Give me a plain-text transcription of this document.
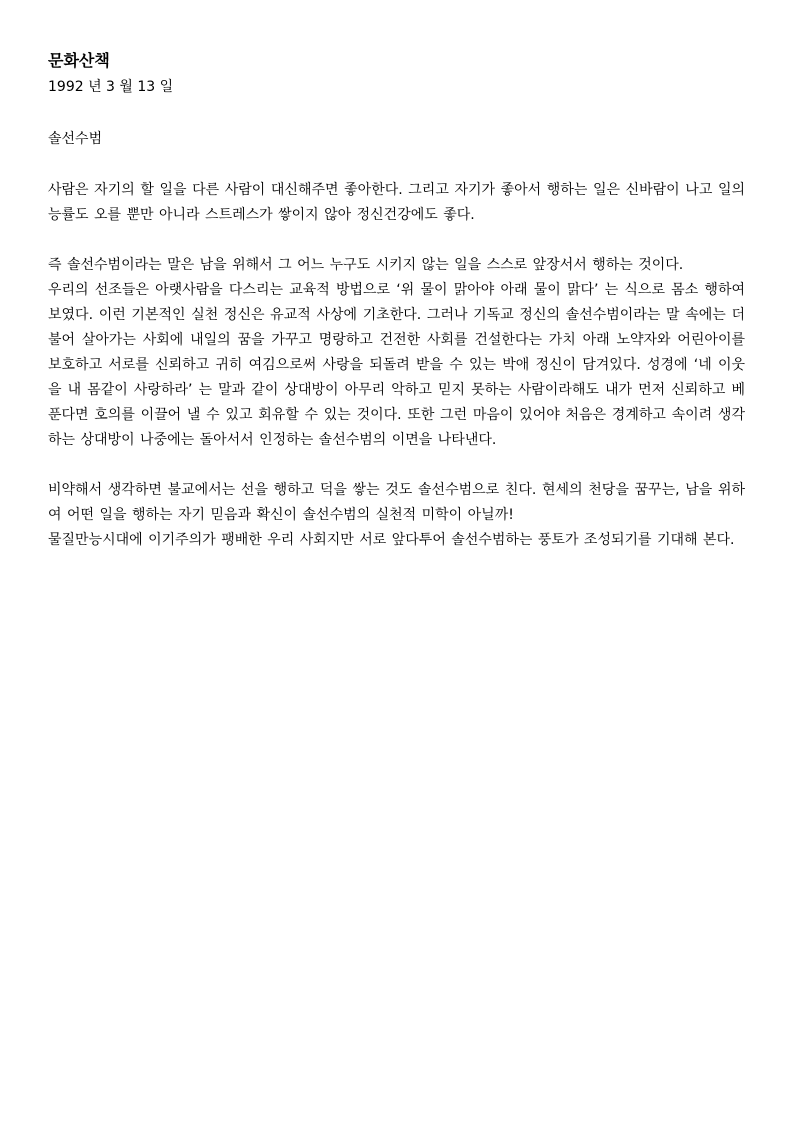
문화산책

1992 년 3 월 13 일

솔선수범

사람은 자기의 할 일을 다른 사람이 대신해주면 좋아한다. 그리고 자기가 좋아서 행하는 일은 신바람이 나고 일의 능률도 오를 뿐만 아니라 스트레스가 쌓이지 않아 정신건강에도 좋다.

즉 솔선수범이라는 말은 남을 위해서 그 어느 누구도 시키지 않는 일을 스스로 앞장서서 행하는 것이다.

우리의 선조들은 아랫사람을 다스리는 교육적 방법으로 ‘위 물이 맑아야 아래 물이 맑다’ 는 식으로 몸소 행하여 보였다. 이런 기본적인 실천 정신은 유교적 사상에 기초한다. 그러나 기독교 정신의 솔선수범이라는 말 속에는 더불어 살아가는 사회에 내일의 꿈을 가꾸고 명랑하고 건전한 사회를 건설한다는 가치 아래 노약자와 어린아이를 보호하고 서로를 신뢰하고 귀히 여김으로써 사랑을 되돌려 받을 수 있는 박애 정신이 담겨있다. 성경에 ‘네 이웃을 내 몸같이 사랑하라’ 는 말과 같이 상대방이 아무리 악하고 믿지 못하는 사람이라해도 내가 먼저 신뢰하고 베푼다면 호의를 이끌어 낼 수 있고 회유할 수 있는 것이다. 또한 그런 마음이 있어야 처음은 경계하고 속이려 생각하는 상대방이 나중에는 돌아서서 인정하는 솔선수범의 이면을 나타낸다.

비약해서 생각하면 불교에서는 선을 행하고 덕을 쌓는 것도 솔선수범으로 친다. 현세의 천당을 꿈꾸는, 남을 위하여 어떤 일을 행하는 자기 믿음과 확신이 솔선수범의 실천적 미학이 아닐까!

물질만능시대에 이기주의가 팽배한 우리 사회지만 서로 앞다투어 솔선수범하는 풍토가 조성되기를 기대해 본다.
